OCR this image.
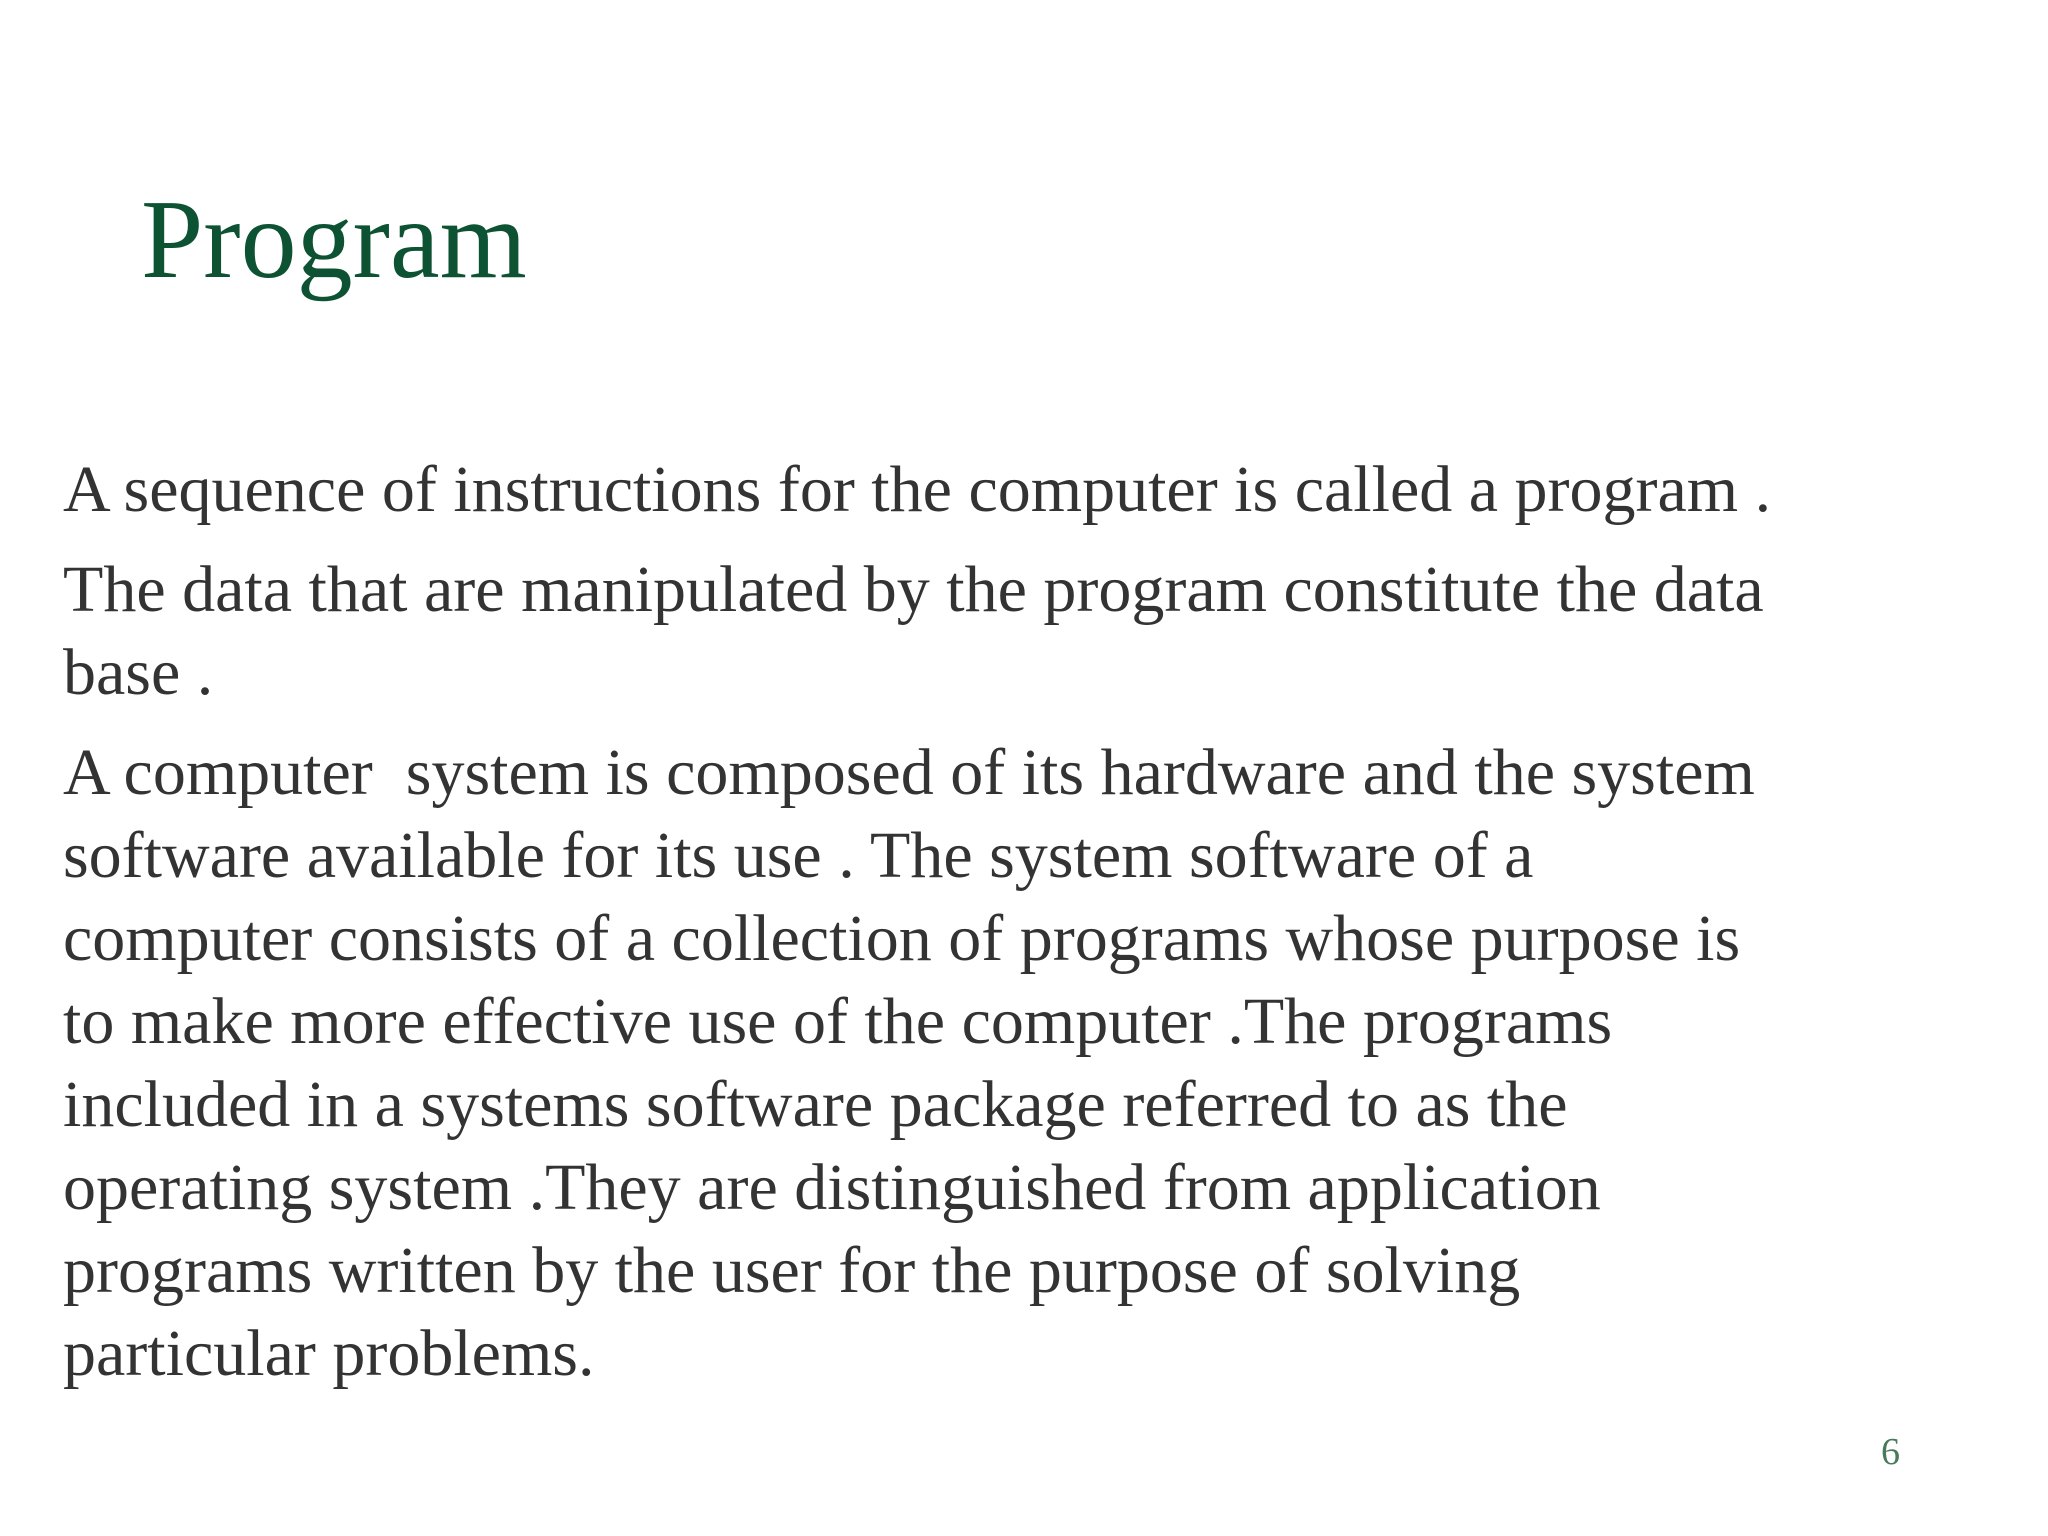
Program
A sequence of instructions for the computer is called a program .
The data that are manipulated by the program constitute the data
base .
A computer  system is composed of its hardware and the system
software available for its use . The system software of a
computer consists of a collection of programs whose purpose is
to make more effective use of the computer .The programs
included in a systems software package referred to as the
operating system .They are distinguished from application
programs written by the user for the purpose of solving
particular problems.
6
